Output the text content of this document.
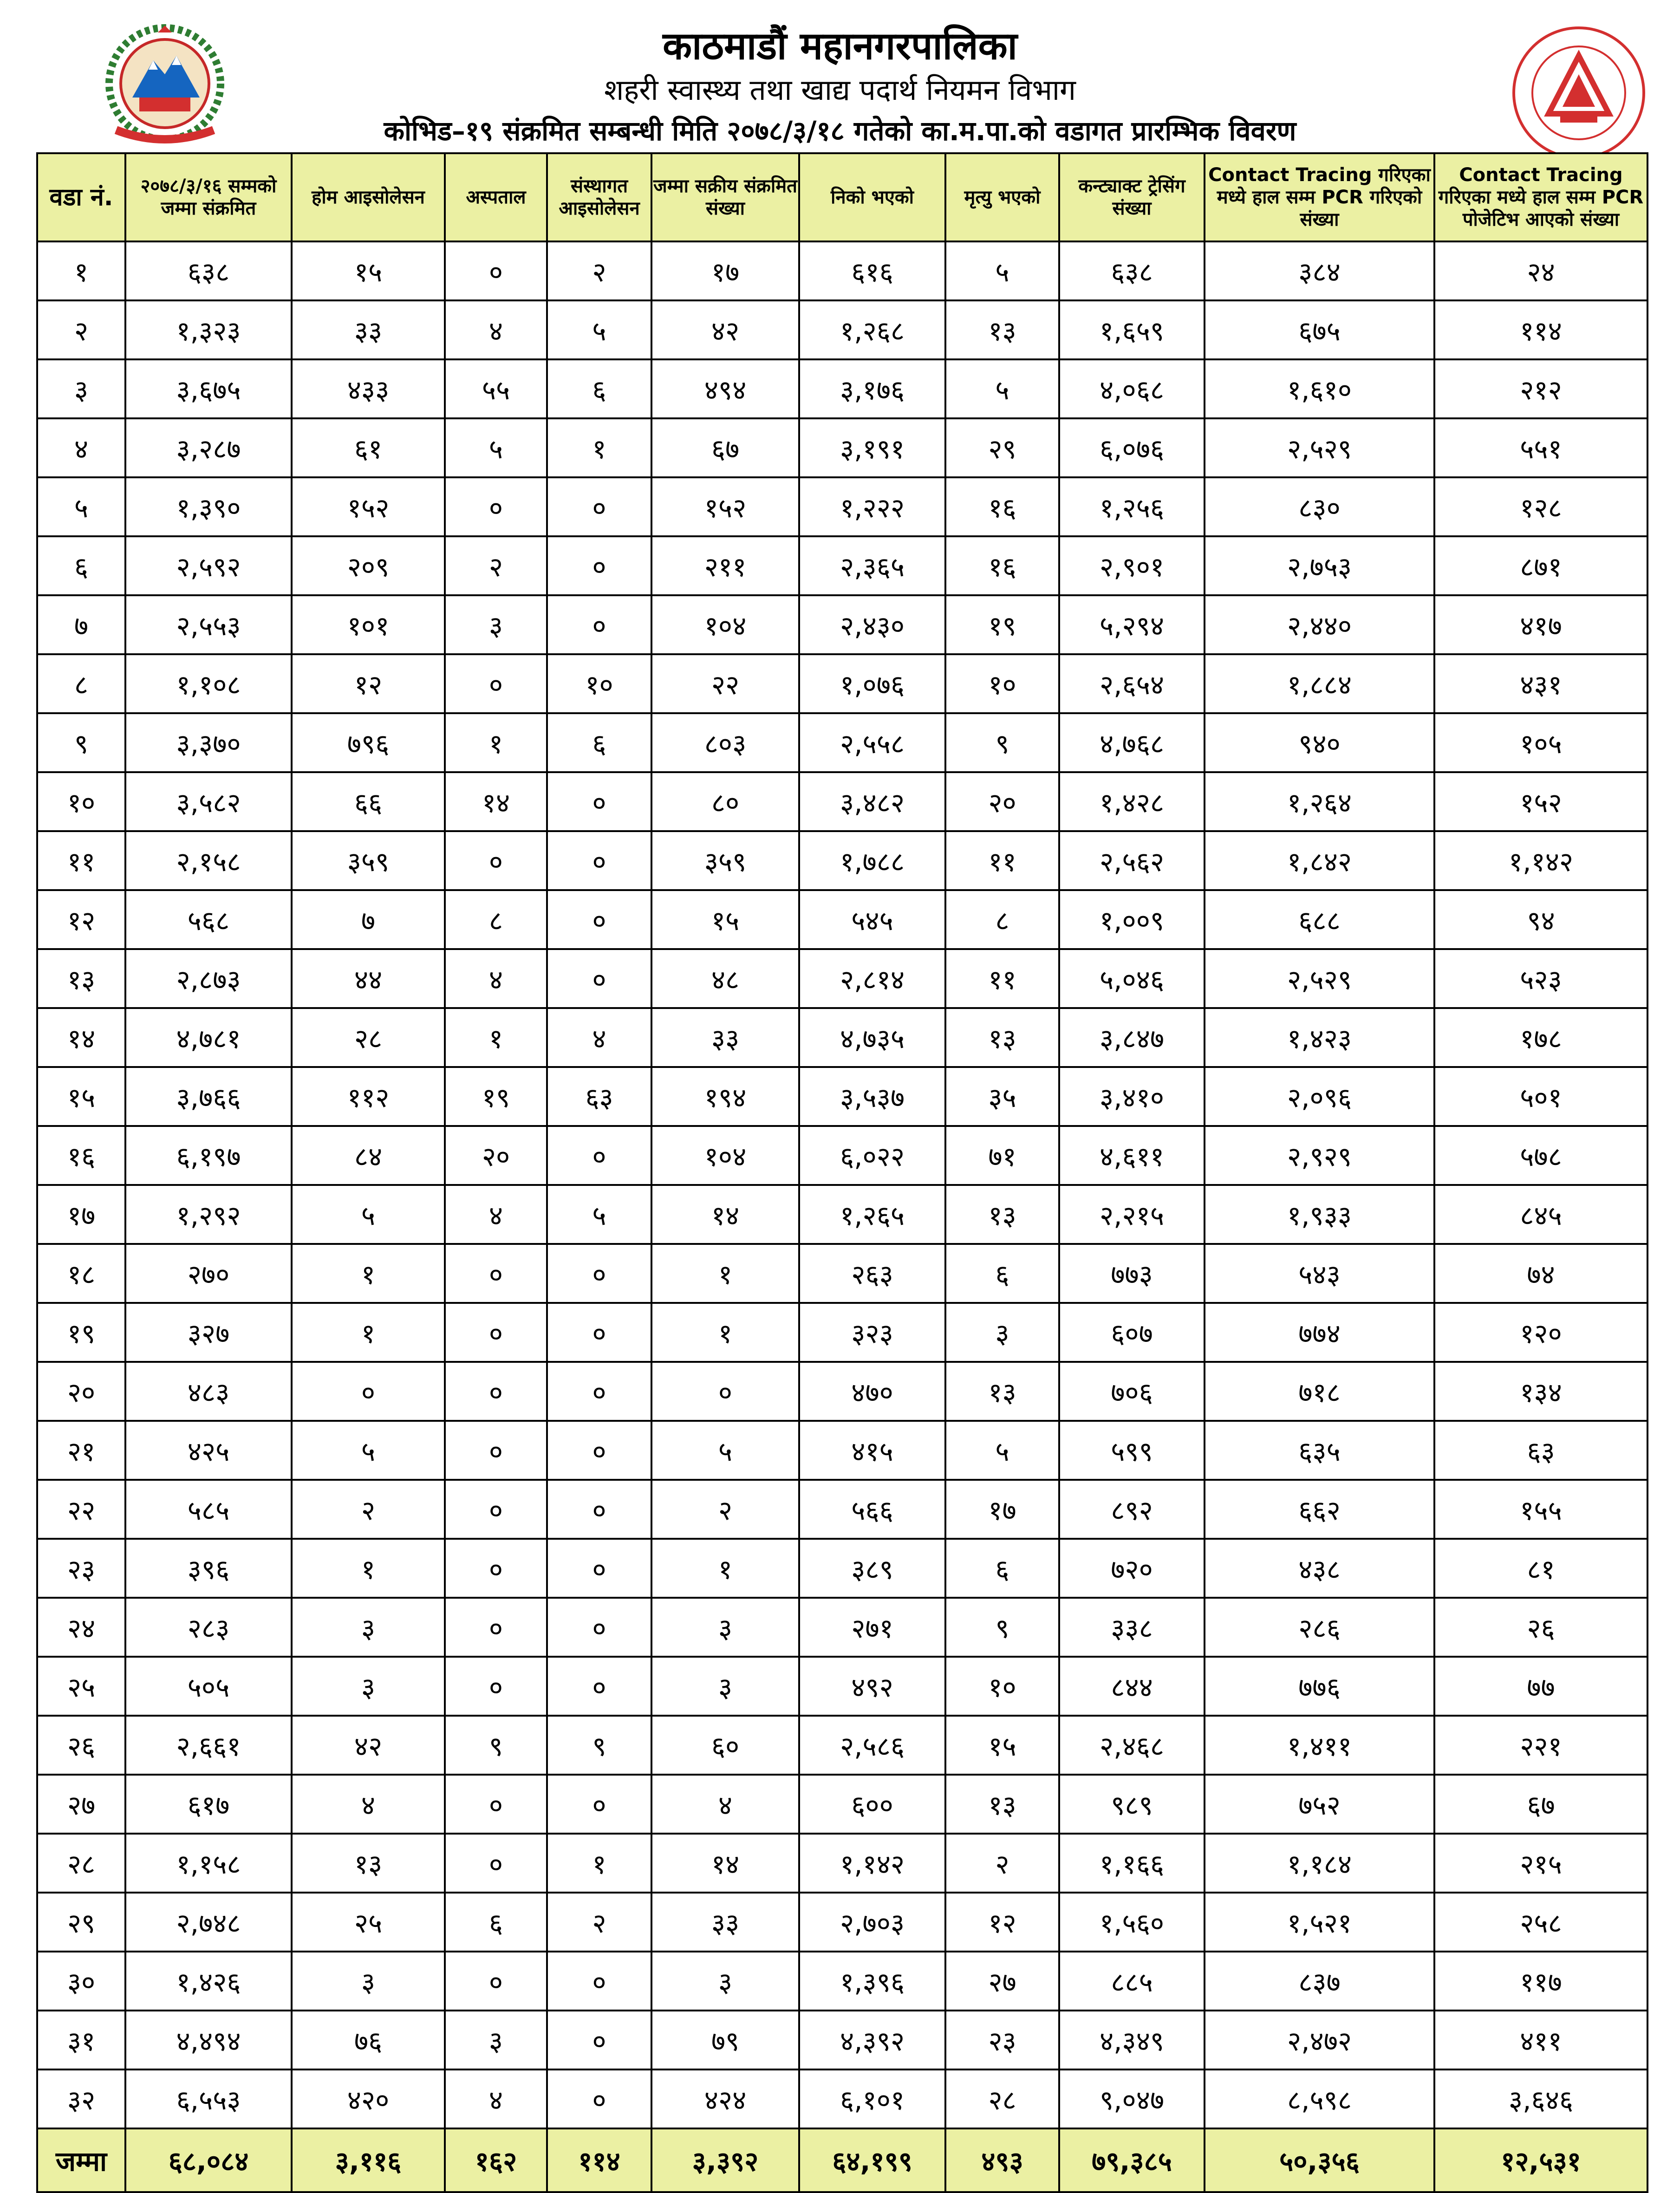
काठमाडौं महानगरपालिका
शहरी स्वास्थ्य तथा खाद्य पदार्थ नियमन विभाग
कोभिड–१९ संक्रमित सम्बन्धी मिति २०७८/३/१८ गतेको का.म.पा.को वडागत प्रारम्भिक विवरण
वडा नं.	२०७८/३/१६ सम्मको जम्मा संक्रमित	होम आइसोलेसन	अस्पताल	संस्थागत आइसोलेसन	जम्मा सक्रीय संक्रमित संख्या	निको भएको	मृत्यु भएको	कन्ट्याक्ट ट्रेसिंग संख्या	Contact Tracing गरिएका मध्ये हाल सम्म PCR गरिएको संख्या	Contact Tracing गरिएका मध्ये हाल सम्म PCR पोजेटिभ आएको संख्या
१	६३८	१५	०	२	१७	६१६	५	६३८	३८४	२४
२	१,३२३	३३	४	५	४२	१,२६८	१३	१,६५९	६७५	११४
३	३,६७५	४३३	५५	६	४९४	३,१७६	५	४,०६८	१,६१०	२१२
४	३,२८७	६१	५	१	६७	३,१९१	२९	६,०७६	२,५२९	५५१
५	१,३९०	१५२	०	०	१५२	१,२२२	१६	१,२५६	८३०	१२८
६	२,५९२	२०९	२	०	२११	२,३६५	१६	२,९०१	२,७५३	८७१
७	२,५५३	१०१	३	०	१०४	२,४३०	१९	५,२९४	२,४४०	४१७
८	१,१०८	१२	०	१०	२२	१,०७६	१०	२,६५४	१,८८४	४३१
९	३,३७०	७९६	१	६	८०३	२,५५८	९	४,७६८	९४०	१०५
१०	३,५८२	६६	१४	०	८०	३,४८२	२०	१,४२८	१,२६४	१५२
११	२,१५८	३५९	०	०	३५९	१,७८८	११	२,५६२	१,८४२	१,१४२
१२	५६८	७	८	०	१५	५४५	८	१,००९	६८८	९४
१३	२,८७३	४४	४	०	४८	२,८१४	११	५,०४६	२,५२९	५२३
१४	४,७८१	२८	१	४	३३	४,७३५	१३	३,८४७	१,४२३	१७८
१५	३,७६६	११२	१९	६३	१९४	३,५३७	३५	३,४१०	२,०९६	५०१
१६	६,१९७	८४	२०	०	१०४	६,०२२	७१	४,६११	२,९२९	५७८
१७	१,२९२	५	४	५	१४	१,२६५	१३	२,२१५	१,९३३	८४५
१८	२७०	१	०	०	१	२६३	६	७७३	५४३	७४
१९	३२७	१	०	०	१	३२३	३	६०७	७७४	१२०
२०	४८३	०	०	०	०	४७०	१३	७०६	७१८	१३४
२१	४२५	५	०	०	५	४१५	५	५९९	६३५	६३
२२	५८५	२	०	०	२	५६६	१७	८९२	६६२	१५५
२३	३९६	१	०	०	१	३८९	६	७२०	४३८	८१
२४	२८३	३	०	०	३	२७१	९	३३८	२८६	२६
२५	५०५	३	०	०	३	४९२	१०	८४४	७७६	७७
२६	२,६६१	४२	९	९	६०	२,५८६	१५	२,४६८	१,४११	२२१
२७	६१७	४	०	०	४	६००	१३	९८९	७५२	६७
२८	१,१५८	१३	०	१	१४	१,१४२	२	१,१६६	१,१८४	२१५
२९	२,७४८	२५	६	२	३३	२,७०३	१२	१,५६०	१,५२१	२५८
३०	१,४२६	३	०	०	३	१,३९६	२७	८८५	८३७	११७
३१	४,४९४	७६	३	०	७९	४,३९२	२३	४,३४९	२,४७२	४११
३२	६,५५३	४२०	४	०	४२४	६,१०१	२८	९,०४७	८,५९८	३,६४६
जम्मा	६८,०८४	३,११६	१६२	११४	३,३९२	६४,१९९	४९३	७९,३८५	५०,३५६	१२,५३१
